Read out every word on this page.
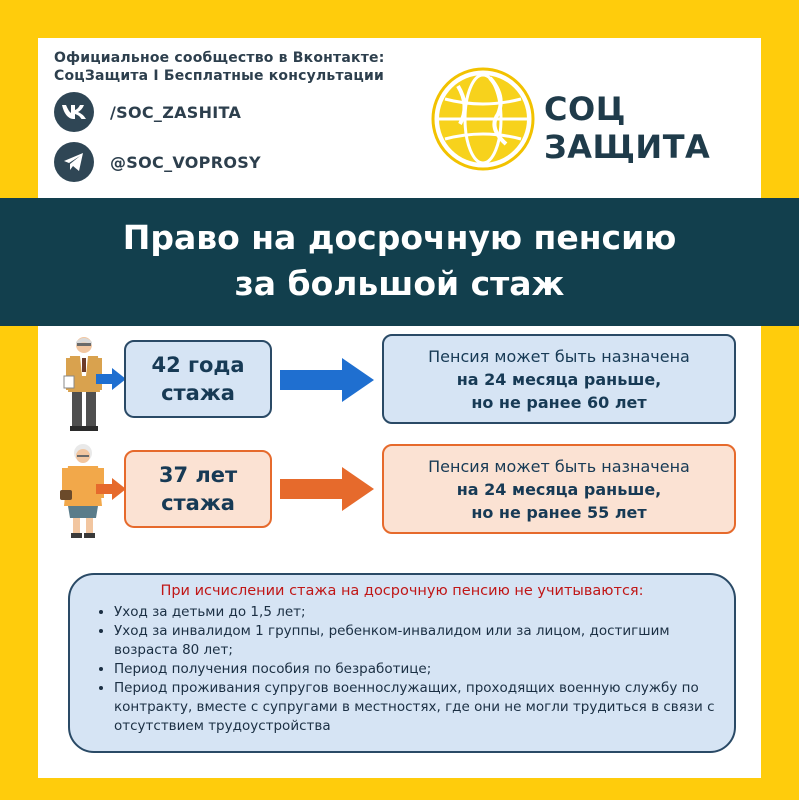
Официальное сообщество в Вконтакте:
СоцЗащита I Бесплатные консультации
/SOC_ZASHITA
@SOC_VOPROSY
СОЦ
ЗАЩИТА
Право на досрочную пенсию
за большой стаж
42 года
стажа
Пенсия может быть назначена
на 24 месяца раньше,
но не ранее 60 лет
37 лет
стажа
Пенсия может быть назначена
на 24 месяца раньше,
но не ранее 55 лет
При исчислении стажа на досрочную пенсию не учитываются:
• Уход за детьми до 1,5 лет;
• Уход за инвалидом 1 группы, ребенком-инвалидом или за лицом, достигшим возраста 80 лет;
• Период получения пособия по безработице;
• Период проживания супругов военнослужащих, проходящих военную службу по контракту, вместе с супругами в местностях, где они не могли трудиться в связи с отсутствием трудоустройства
